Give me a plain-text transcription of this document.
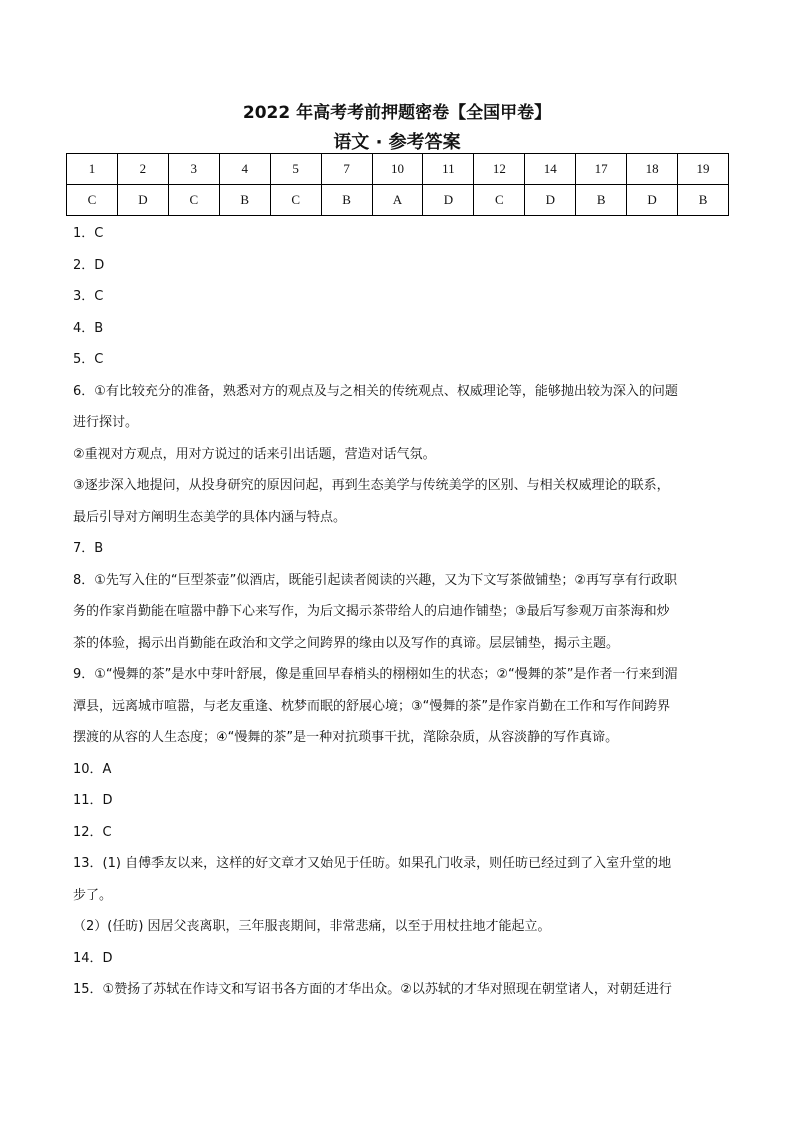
2022 年高考考前押题密卷【全国甲卷】
语文 · 参考答案
1	2	3	4	5	7	10	11	12	14	17	18	19
C	D	C	B	C	B	A	D	C	D	B	D	B
1．C
2．D
3．C
4．B
5．C
6．①有比较充分的准备，熟悉对方的观点及与之相关的传统观点、权威理论等，能够抛出较为深入的问题
进行探讨。
②重视对方观点，用对方说过的话来引出话题，营造对话气氛。
③逐步深入地提问，从投身研究的原因问起，再到生态美学与传统美学的区别、与相关权威理论的联系，
最后引导对方阐明生态美学的具体内涵与特点。
7．B
8．①先写入住的“巨型茶壶”似酒店，既能引起读者阅读的兴趣，又为下文写茶做铺垫；②再写享有行政职
务的作家肖勤能在喧嚣中静下心来写作，为后文揭示茶带给人的启迪作铺垫；③最后写参观万亩茶海和炒
茶的体验，揭示出肖勤能在政治和文学之间跨界的缘由以及写作的真谛。层层铺垫，揭示主题。
9．①“慢舞的茶”是水中芽叶舒展，像是重回早春梢头的栩栩如生的状态；②“慢舞的茶”是作者一行来到湄
潭县，远离城市喧嚣，与老友重逢、枕梦而眠的舒展心境；③“慢舞的茶”是作家肖勤在工作和写作间跨界
摆渡的从容的人生态度；④“慢舞的茶”是一种对抗琐事干扰，滗除杂质，从容淡静的写作真谛。
10．A
11．D
12．C
13．(1) 自傅季友以来，这样的好文章才又始见于任昉。如果孔门收录，则任昉已经过到了入室升堂的地
步了。
（2）(任昉) 因居父丧离职，三年服丧期间，非常悲痛，以至于用杖拄地才能起立。
14．D
15．①赞扬了苏轼在作诗文和写诏书各方面的才华出众。②以苏轼的才华对照现在朝堂诸人，对朝廷进行
